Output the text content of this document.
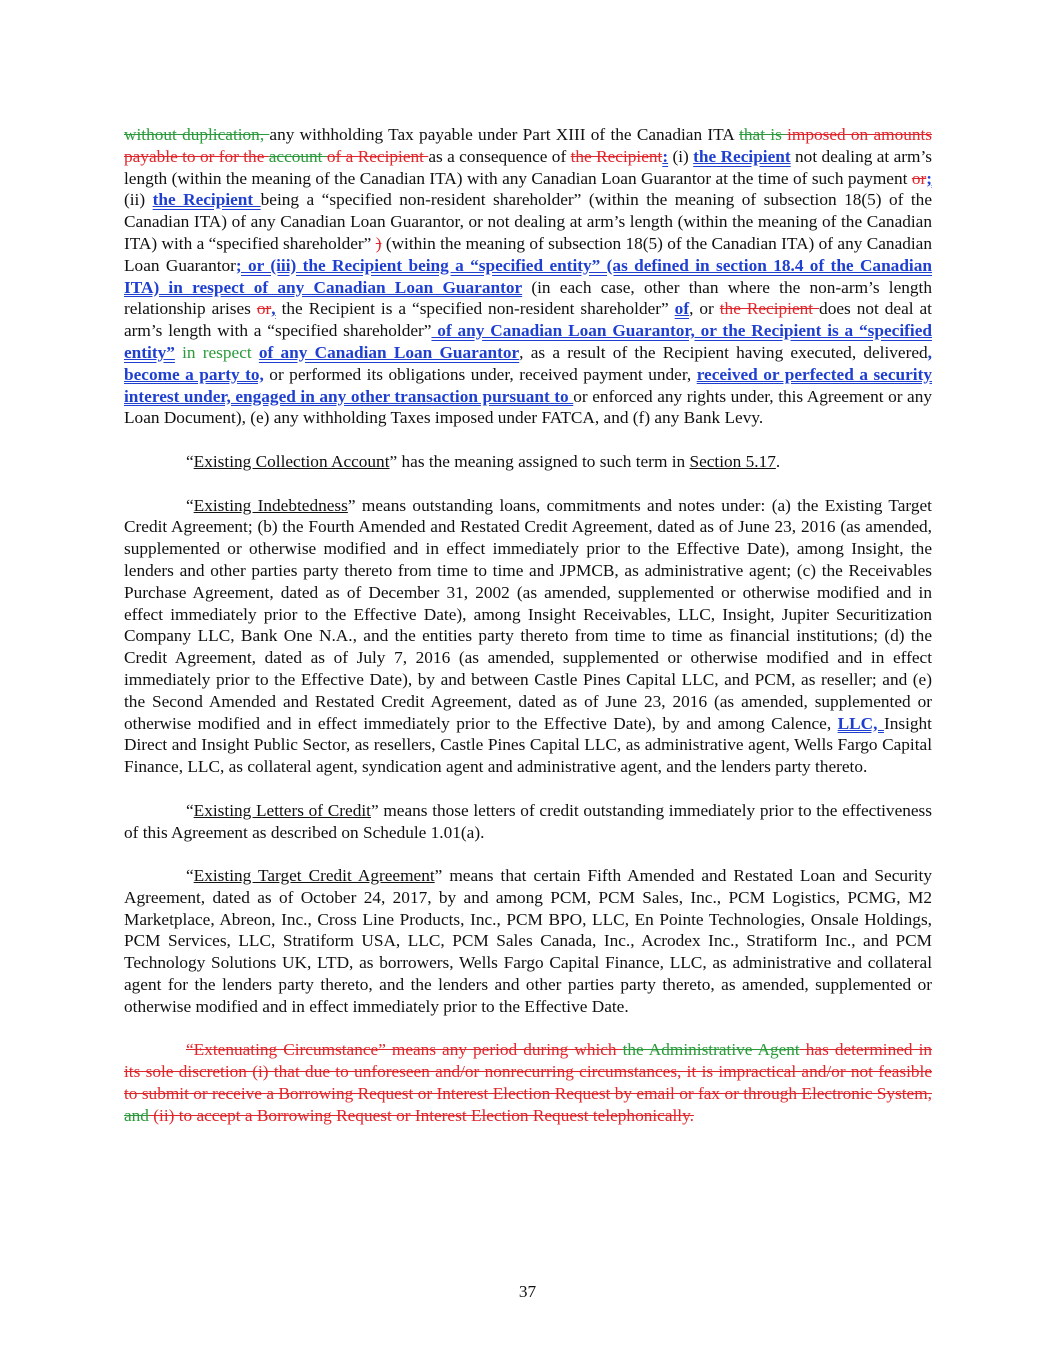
without duplication, any withholding Tax payable under Part XIII of the Canadian ITA that is imposed on amounts payable to or for the account of a Recipient as a consequence of the Recipient: (i) the Recipient not dealing at arm’s length (within the meaning of the Canadian ITA) with any Canadian Loan Guarantor at the time of such payment or; (ii) the Recipient being a “specified non-resident shareholder” (within the meaning of subsection 18(5) of the Canadian ITA) of any Canadian Loan Guarantor, or not dealing at arm’s length (within the meaning of the Canadian ITA) with a “specified shareholder” ) (within the meaning of subsection 18(5) of the Canadian ITA) of any Canadian Loan Guarantor; or (iii) the Recipient being a “specified entity” (as defined in section 18.4 of the Canadian ITA) in respect of any Canadian Loan Guarantor (in each case, other than where the non-arm’s length relationship arises or, the Recipient is a “specified non-resident shareholder” of, or the Recipient does not deal at arm’s length with a “specified shareholder” of any Canadian Loan Guarantor, or the Recipient is a “specified entity” in respect of any Canadian Loan Guarantor, as a result of the Recipient having executed, delivered, become a party to, or performed its obligations under, received payment under, received or perfected a security interest under, engaged in any other transaction pursuant to or enforced any rights under, this Agreement or any Loan Document), (e) any withholding Taxes imposed under FATCA, and (f) any Bank Levy.

“Existing Collection Account” has the meaning assigned to such term in Section 5.17.

“Existing Indebtedness” means outstanding loans, commitments and notes under: (a) the Existing Target Credit Agreement; (b) the Fourth Amended and Restated Credit Agreement, dated as of June 23, 2016 (as amended, supplemented or otherwise modified and in effect immediately prior to the Effective Date), among Insight, the lenders and other parties party thereto from time to time and JPMCB, as administrative agent; (c) the Receivables Purchase Agreement, dated as of December 31, 2002 (as amended, supplemented or otherwise modified and in effect immediately prior to the Effective Date), among Insight Receivables, LLC, Insight, Jupiter Securitization Company LLC, Bank One N.A., and the entities party thereto from time to time as financial institutions; (d) the Credit Agreement, dated as of July 7, 2016 (as amended, supplemented or otherwise modified and in effect immediately prior to the Effective Date), by and between Castle Pines Capital LLC, and PCM, as reseller; and (e) the Second Amended and Restated Credit Agreement, dated as of June 23, 2016 (as amended, supplemented or otherwise modified and in effect immediately prior to the Effective Date), by and among Calence, LLC, Insight Direct and Insight Public Sector, as resellers, Castle Pines Capital LLC, as administrative agent, Wells Fargo Capital Finance, LLC, as collateral agent, syndication agent and administrative agent, and the lenders party thereto.

“Existing Letters of Credit” means those letters of credit outstanding immediately prior to the effectiveness of this Agreement as described on Schedule 1.01(a).

“Existing Target Credit Agreement” means that certain Fifth Amended and Restated Loan and Security Agreement, dated as of October 24, 2017, by and among PCM, PCM Sales, Inc., PCM Logistics, PCMG, M2 Marketplace, Abreon, Inc., Cross Line Products, Inc., PCM BPO, LLC, En Pointe Technologies, Onsale Holdings, PCM Services, LLC, Stratiform USA, LLC, PCM Sales Canada, Inc., Acrodex Inc., Stratiform Inc., and PCM Technology Solutions UK, LTD, as borrowers, Wells Fargo Capital Finance, LLC, as administrative and collateral agent for the lenders party thereto, and the lenders and other parties party thereto, as amended, supplemented or otherwise modified and in effect immediately prior to the Effective Date.

“Extenuating Circumstance” means any period during which the Administrative Agent has determined in its sole discretion (i) that due to unforeseen and/or nonrecurring circumstances, it is impractical and/or not feasible to submit or receive a Borrowing Request or Interest Election Request by email or fax or through Electronic System, and (ii) to accept a Borrowing Request or Interest Election Request telephonically.

37
